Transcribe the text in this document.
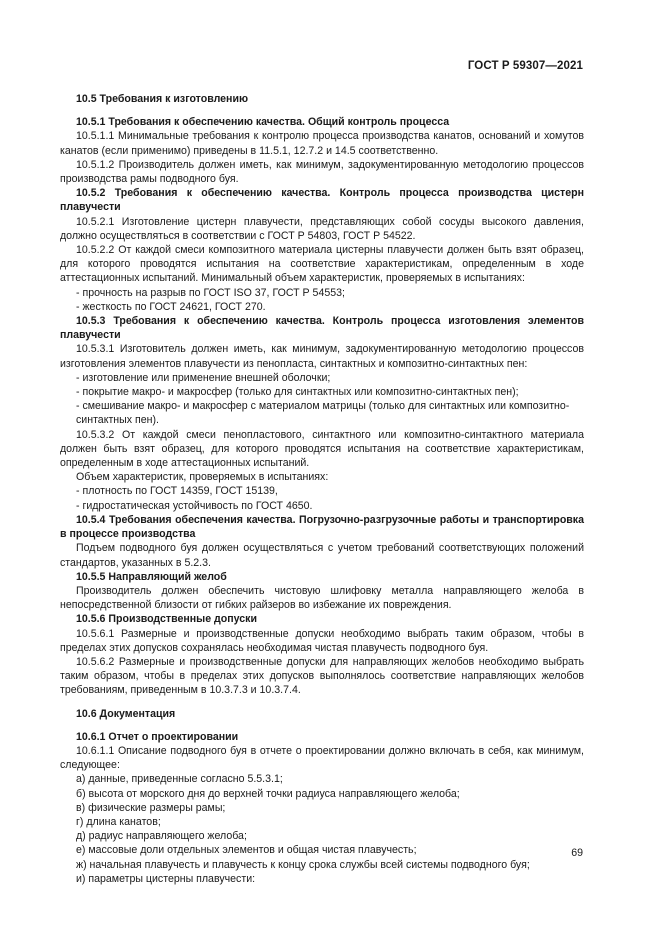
ГОСТ Р 59307—2021

10.5 Требования к изготовлению

10.5.1 Требования к обеспечению качества. Общий контроль процесса

10.5.1.1 Минимальные требования к контролю процесса производства канатов, оснований и хомутов канатов (если применимо) приведены в 11.5.1, 12.7.2 и 14.5 соответственно.

10.5.1.2 Производитель должен иметь, как минимум, задокументированную методологию процессов производства рамы подводного буя.

10.5.2 Требования к обеспечению качества. Контроль процесса производства цистерн плавучести

10.5.2.1 Изготовление цистерн плавучести, представляющих собой сосуды высокого давления, должно осуществляться в соответствии с ГОСТ Р 54803, ГОСТ Р 54522.

10.5.2.2 От каждой смеси композитного материала цистерны плавучести должен быть взят образец, для которого проводятся испытания на соответствие характеристикам, определенным в ходе аттестационных испытаний. Минимальный объем характеристик, проверяемых в испытаниях:

- прочность на разрыв по ГОСТ ISO 37, ГОСТ Р 54553;

- жесткость по ГОСТ 24621, ГОСТ 270.

10.5.3 Требования к обеспечению качества. Контроль процесса изготовления элементов плавучести

10.5.3.1 Изготовитель должен иметь, как минимум, задокументированную методологию процессов изготовления элементов плавучести из пенопласта, синтактных и композитно-синтактных пен:

- изготовление или применение внешней оболочки;

- покрытие макро- и макросфер (только для синтактных или композитно-синтактных пен);

- смешивание макро- и макросфер с материалом матрицы (только для синтактных или композитно-синтактных пен).

10.5.3.2 От каждой смеси пенопластового, синтактного или композитно-синтактного материала должен быть взят образец, для которого проводятся испытания на соответствие характеристикам, определенным в ходе аттестационных испытаний.

Объем характеристик, проверяемых в испытаниях:

- плотность по ГОСТ 14359, ГОСТ 15139,

- гидростатическая устойчивость по ГОСТ 4650.

10.5.4 Требования обеспечения качества. Погрузочно-разгрузочные работы и транспортировка в процессе производства

Подъем подводного буя должен осуществляться с учетом требований соответствующих положений стандартов, указанных в 5.2.3.

10.5.5 Направляющий желоб

Производитель должен обеспечить чистовую шлифовку металла направляющего желоба в непосредственной близости от гибких райзеров во избежание их повреждения.

10.5.6 Производственные допуски

10.5.6.1 Размерные и производственные допуски необходимо выбрать таким образом, чтобы в пределах этих допусков сохранялась необходимая чистая плавучесть подводного буя.

10.5.6.2 Размерные и производственные допуски для направляющих желобов необходимо выбрать таким образом, чтобы в пределах этих допусков выполнялось соответствие направляющих желобов требованиям, приведенным в 10.3.7.3 и 10.3.7.4.

10.6 Документация

10.6.1 Отчет о проектировании

10.6.1.1 Описание подводного буя в отчете о проектировании должно включать в себя, как минимум, следующее:

а) данные, приведенные согласно 5.5.3.1;

б) высота от морского дня до верхней точки радиуса направляющего желоба;

в) физические размеры рамы;

г) длина канатов;

д) радиус направляющего желоба;

е) массовые доли отдельных элементов и общая чистая плавучесть;

ж) начальная плавучесть и плавучесть к концу срока службы всей системы подводного буя;

и) параметры цистерны плавучести:

69
